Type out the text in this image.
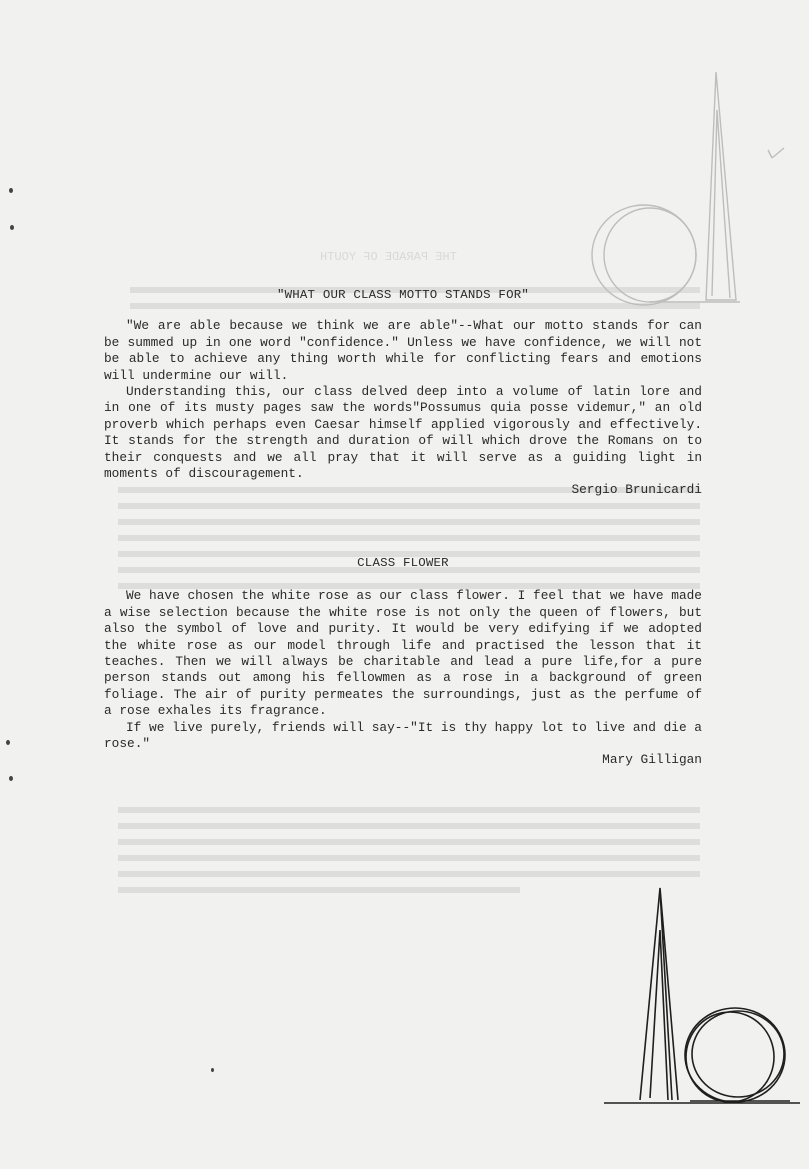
THE PARADE OF YOUTH
"WHAT OUR CLASS MOTTO STANDS FOR"

"We are able because we think we are able"--What our motto stands for can be summed up in one word "confidence." Unless we have confidence, we will not be able to achieve any thing worth while for conflicting fears and emotions will undermine our will.

Understanding this, our class delved deep into a volume of latin lore and in one of its musty pages saw the words"Possumus quia posse videmur," an old proverb which perhaps even Caesar himself applied vigorously and effectively. It stands for the strength and duration of will which drove the Romans on to their conquests and we all pray that it will serve as a guiding light in moments of discouragement.

Sergio Brunicardi
CLASS FLOWER

We have chosen the white rose as our class flower. I feel that we have made a wise selection because the white rose is not only the queen of flowers, but also the symbol of love and purity. It would be very edifying if we adopted the white rose as our model through life and practised the lesson that it teaches. Then we will always be charitable and lead a pure life,for a pure person stands out among his fellowmen as a rose in a background of green foliage. The air of purity permeates the surroundings, just as the perfume of a rose exhales its fragrance.

If we live purely, friends will say--"It is thy happy lot to live and die a rose."

Mary Gilligan
